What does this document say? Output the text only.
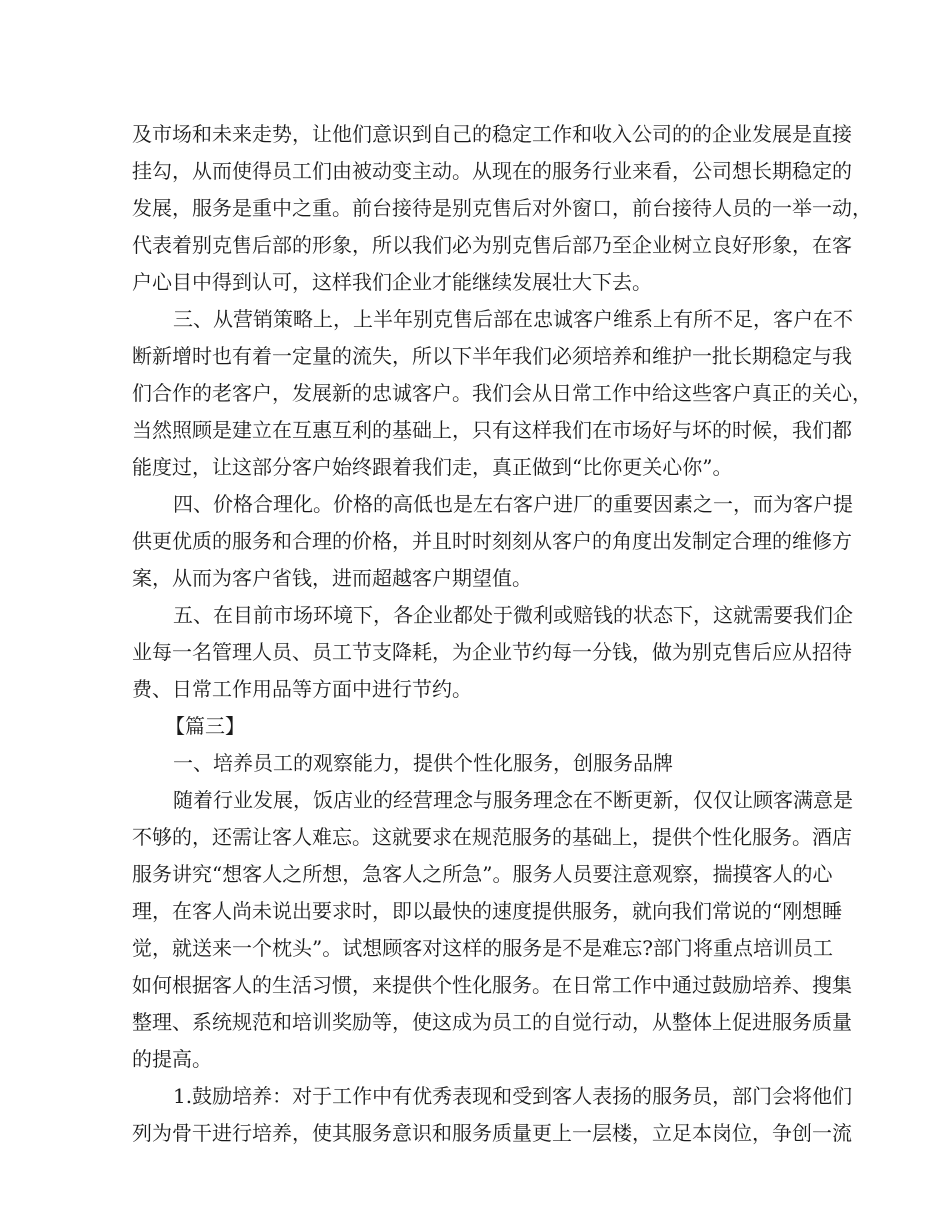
及市场和未来走势，让他们意识到自己的稳定工作和收入公司的的企业发展是直接
挂勾，从而使得员工们由被动变主动。从现在的服务行业来看，公司想长期稳定的
发展，服务是重中之重。前台接待是别克售后对外窗口，前台接待人员的一举一动，
代表着别克售后部的形象，所以我们必为别克售后部乃至企业树立良好形象，在客
户心目中得到认可，这样我们企业才能继续发展壮大下去。
三、从营销策略上，上半年别克售后部在忠诚客户维系上有所不足，客户在不
断新增时也有着一定量的流失，所以下半年我们必须培养和维护一批长期稳定与我
们合作的老客户，发展新的忠诚客户。我们会从日常工作中给这些客户真正的关心，
当然照顾是建立在互惠互利的基础上，只有这样我们在市场好与坏的时候，我们都
能度过，让这部分客户始终跟着我们走，真正做到“比你更关心你”。
四、价格合理化。价格的高低也是左右客户进厂的重要因素之一，而为客户提
供更优质的服务和合理的价格，并且时时刻刻从客户的角度出发制定合理的维修方
案，从而为客户省钱，进而超越客户期望值。
五、在目前市场环境下，各企业都处于微利或赔钱的状态下，这就需要我们企
业每一名管理人员、员工节支降耗，为企业节约每一分钱，做为别克售后应从招待
费、日常工作用品等方面中进行节约。
【篇三】
一、培养员工的观察能力，提供个性化服务，创服务品牌
随着行业发展，饭店业的经营理念与服务理念在不断更新，仅仅让顾客满意是
不够的，还需让客人难忘。这就要求在规范服务的基础上，提供个性化服务。酒店
服务讲究“想客人之所想，急客人之所急”。服务人员要注意观察，揣摸客人的心
理，在客人尚未说出要求时，即以最快的速度提供服务，就向我们常说的“刚想睡
觉，就送来一个枕头”。试想顾客对这样的服务是不是难忘?部门将重点培训员工
如何根据客人的生活习惯，来提供个性化服务。在日常工作中通过鼓励培养、搜集
整理、系统规范和培训奖励等，使这成为员工的自觉行动，从整体上促进服务质量
的提高。
1.鼓励培养：对于工作中有优秀表现和受到客人表扬的服务员，部门会将他们
列为骨干进行培养，使其服务意识和服务质量更上一层楼，立足本岗位，争创一流
